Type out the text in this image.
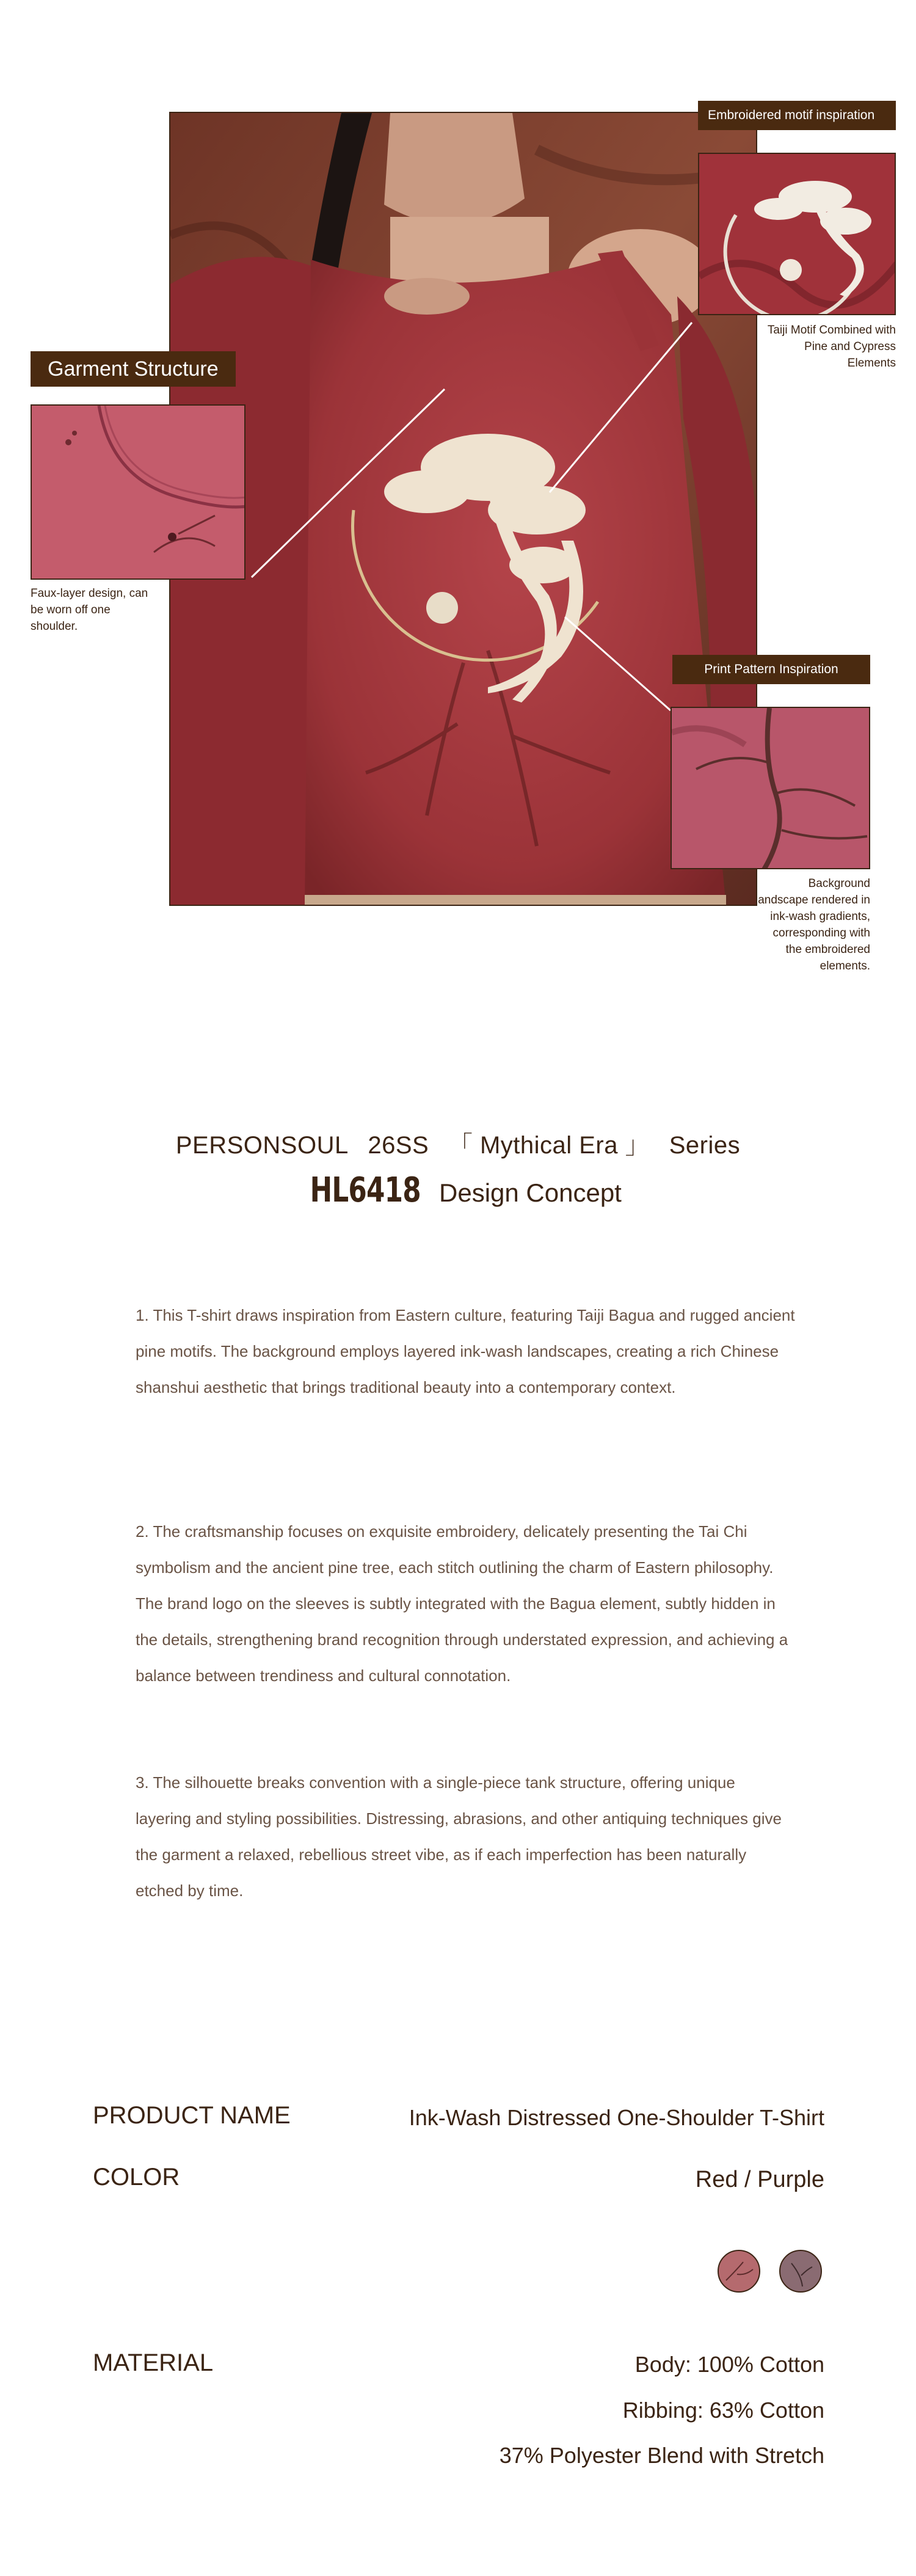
Embroidered motif inspiration
Taiji Motif Combined with Pine and Cypress Elements
Garment Structure
Faux-layer design, can be worn off one shoulder.
Print Pattern Inspiration
Background landscape rendered in ink-wash gradients, corresponding with the embroidered elements.
PERSONSOUL 26SS 「 Mythical Era 」 Series
HL6418 Design Concept
1. This T-shirt draws inspiration from Eastern culture, featuring Taiji Bagua and rugged ancient pine motifs. The background employs layered ink-wash landscapes, creating a rich Chinese shanshui aesthetic that brings traditional beauty into a contemporary context.
2. The craftsmanship focuses on exquisite embroidery, delicately presenting the Tai Chi symbolism and the ancient pine tree, each stitch outlining the charm of Eastern philosophy. The brand logo on the sleeves is subtly integrated with the Bagua element, subtly hidden in the details, strengthening brand recognition through understated expression, and achieving a balance between trendiness and cultural connotation.
3. The silhouette breaks convention with a single-piece tank structure, offering unique layering and styling possibilities. Distressing, abrasions, and other antiquing techniques give the garment a relaxed, rebellious street vibe, as if each imperfection has been naturally etched by time.
PRODUCT NAME	Ink-Wash Distressed One-Shoulder T-Shirt
COLOR	Red / Purple
MATERIAL	Body: 100% Cotton
Ribbing: 63% Cotton
37% Polyester Blend with Stretch
